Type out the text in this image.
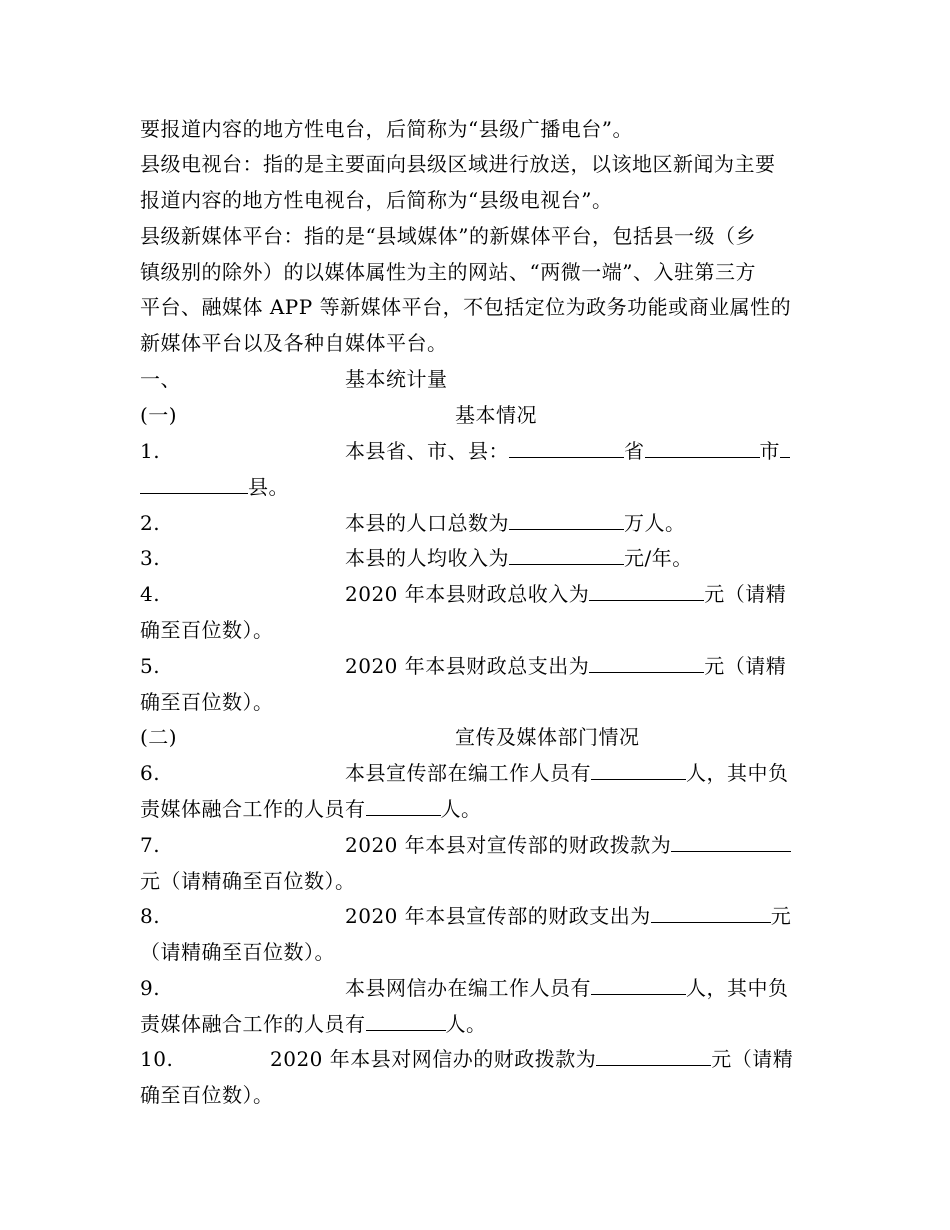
要报道内容的地方性电台，后简称为“县级广播电台”。
县级电视台：指的是主要面向县级区域进行放送，以该地区新闻为主要
报道内容的地方性电视台，后简称为“县级电视台”。
县级新媒体平台：指的是“县域媒体”的新媒体平台，包括县一级（乡
镇级别的除外）的以媒体属性为主的网站、“两微一端”、入驻第三方
平台、融媒体 APP 等新媒体平台，不包括定位为政务功能或商业属性的
新媒体平台以及各种自媒体平台。
一、	基本统计量
(一)	基本情况
1.	本县省、市、县：	省	市
县。
2.	本县的人口总数为	万人。
3.	本县的人均收入为	元/年。
4.	2020 年本县财政总收入为	元（请精
确至百位数）。
5.	2020 年本县财政总支出为	元（请精
确至百位数）。
(二)	宣传及媒体部门情况
6.	本县宣传部在编工作人员有	人，其中负
责媒体融合工作的人员有	人。
7.	2020 年本县对宣传部的财政拨款为
元（请精确至百位数）。
8.	2020 年本县宣传部的财政支出为	元
（请精确至百位数）。
9.	本县网信办在编工作人员有	人，其中负
责媒体融合工作的人员有	人。
10.	2020 年本县对网信办的财政拨款为	元（请精
确至百位数）。
